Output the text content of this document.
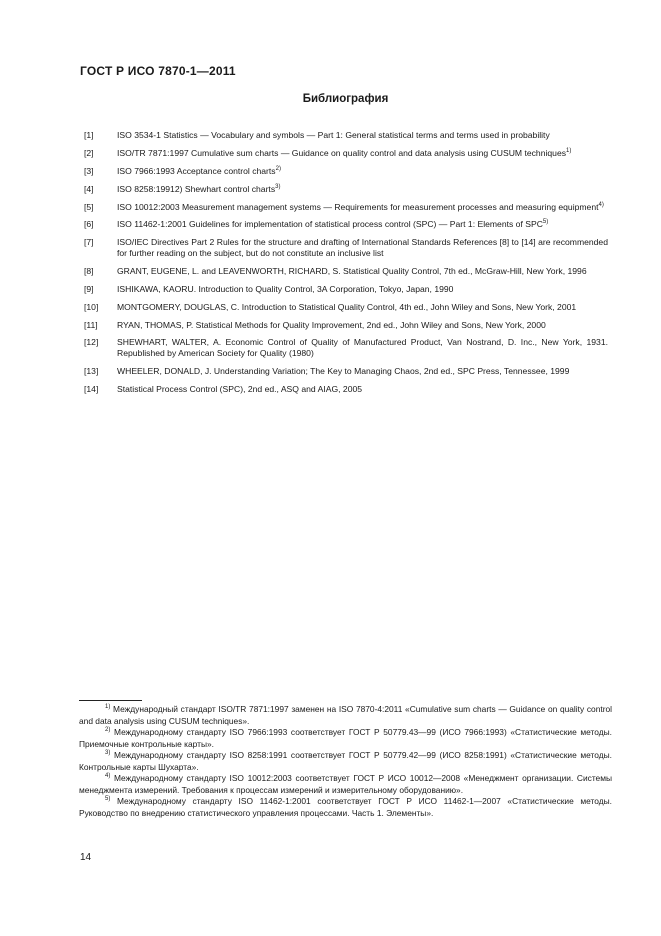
ГОСТ Р ИСО 7870-1—2011
Библиография
[1]	ISO 3534-1 Statistics — Vocabulary and symbols — Part 1: General statistical terms and terms used in probability
[2]	ISO/TR 7871:1997 Cumulative sum charts — Guidance on quality control and data analysis using CUSUM techniques$^{1)}$
[3]	ISO 7966:1993 Acceptance control charts$^{2)}$
[4]	ISO 8258:19912) Shewhart control charts$^{3)}$
[5]	ISO 10012:2003 Measurement management systems — Requirements for measurement processes and measuring equipment$^{4)}$
[6]	ISO 11462-1:2001 Guidelines for implementation of statistical process control (SPC) — Part 1: Elements of SPC$^{5)}$
[7]	ISO/IEC Directives Part 2 Rules for the structure and drafting of International Standards References [8] to [14] are recommended for further reading on the subject, but do not constitute an inclusive list
[8]	GRANT, EUGENE, L. and LEAVENWORTH, RICHARD, S. Statistical Quality Control, 7th ed., McGraw-Hill, New York, 1996
[9]	ISHIKAWA, KAORU. Introduction to Quality Control, 3A Corporation, Tokyo, Japan, 1990
[10]	MONTGOMERY, DOUGLAS, C. Introduction to Statistical Quality Control, 4th ed., John Wiley and Sons, New York, 2001
[11]	RYAN, THOMAS, P. Statistical Methods for Quality Improvement, 2nd ed., John Wiley and Sons, New York, 2000
[12]	SHEWHART, WALTER, A. Economic Control of Quality of Manufactured Product, Van Nostrand, D. Inc., New York, 1931. Republished by American Society for Quality (1980)
[13]	WHEELER, DONALD, J. Understanding Variation; The Key to Managing Chaos, 2nd ed., SPC Press, Tennessee, 1999
[14]	Statistical Process Control (SPC), 2nd ed., ASQ and AIAG, 2005
$^{1)}$ Международный стандарт ISO/TR 7871:1997 заменен на ISO 7870-4:2011 «Cumulative sum charts — Guidance on quality control and data analysis using CUSUM techniques».
$^{2)}$ Международному стандарту ISO 7966:1993 соответствует ГОСТ Р 50779.43—99 (ИСО 7966:1993) «Статистические методы. Приемочные контрольные карты».
$^{3)}$ Международному стандарту ISO 8258:1991 соответствует ГОСТ Р 50779.42—99 (ИСО 8258:1991) «Статистические методы. Контрольные карты Шухарта».
$^{4)}$ Международному стандарту ISO 10012:2003 соответствует ГОСТ Р ИСО 10012—2008 «Менеджмент организации. Системы менеджмента измерений. Требования к процессам измерений и измерительному оборудованию».
$^{5)}$ Международному стандарту ISO 11462-1:2001 соответствует ГОСТ Р ИСО 11462-1—2007 «Статистические методы. Руководство по внедрению статистического управления процессами. Часть 1. Элементы».
14
